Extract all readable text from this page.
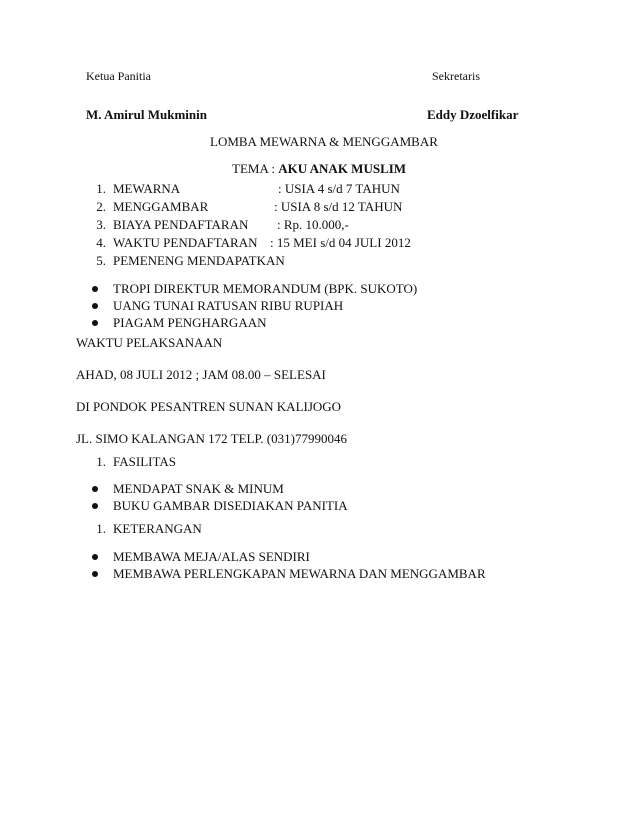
Ketua Panitia	Sekretaris
M. Amirul Mukminin	Eddy Dzoelfikar
LOMBA MEWARNA & MENGGAMBAR
TEMA : AKU ANAK MUSLIM
1. MEWARNA	: USIA 4 s/d 7 TAHUN
2. MENGGAMBAR	: USIA 8 s/d 12 TAHUN
3. BIAYA PENDAFTARAN : Rp. 10.000,-
4. WAKTU PENDAFTARAN : 15 MEI s/d 04 JULI 2012
5. PEMENENG MENDAPATKAN
TROPI DIREKTUR MEMORANDUM (BPK. SUKOTO)
UANG TUNAI RATUSAN RIBU RUPIAH
PIAGAM PENGHARGAAN
WAKTU PELAKSANAAN
AHAD, 08 JULI 2012 ; JAM 08.00 – SELESAI
DI PONDOK PESANTREN SUNAN KALIJOGO
JL. SIMO KALANGAN 172 TELP. (031)77990046
1. FASILITAS
MENDAPAT SNAK & MINUM
BUKU GAMBAR DISEDIAKAN PANITIA
1. KETERANGAN
MEMBAWA MEJA/ALAS SENDIRI
MEMBAWA PERLENGKAPAN MEWARNA DAN MENGGAMBAR
